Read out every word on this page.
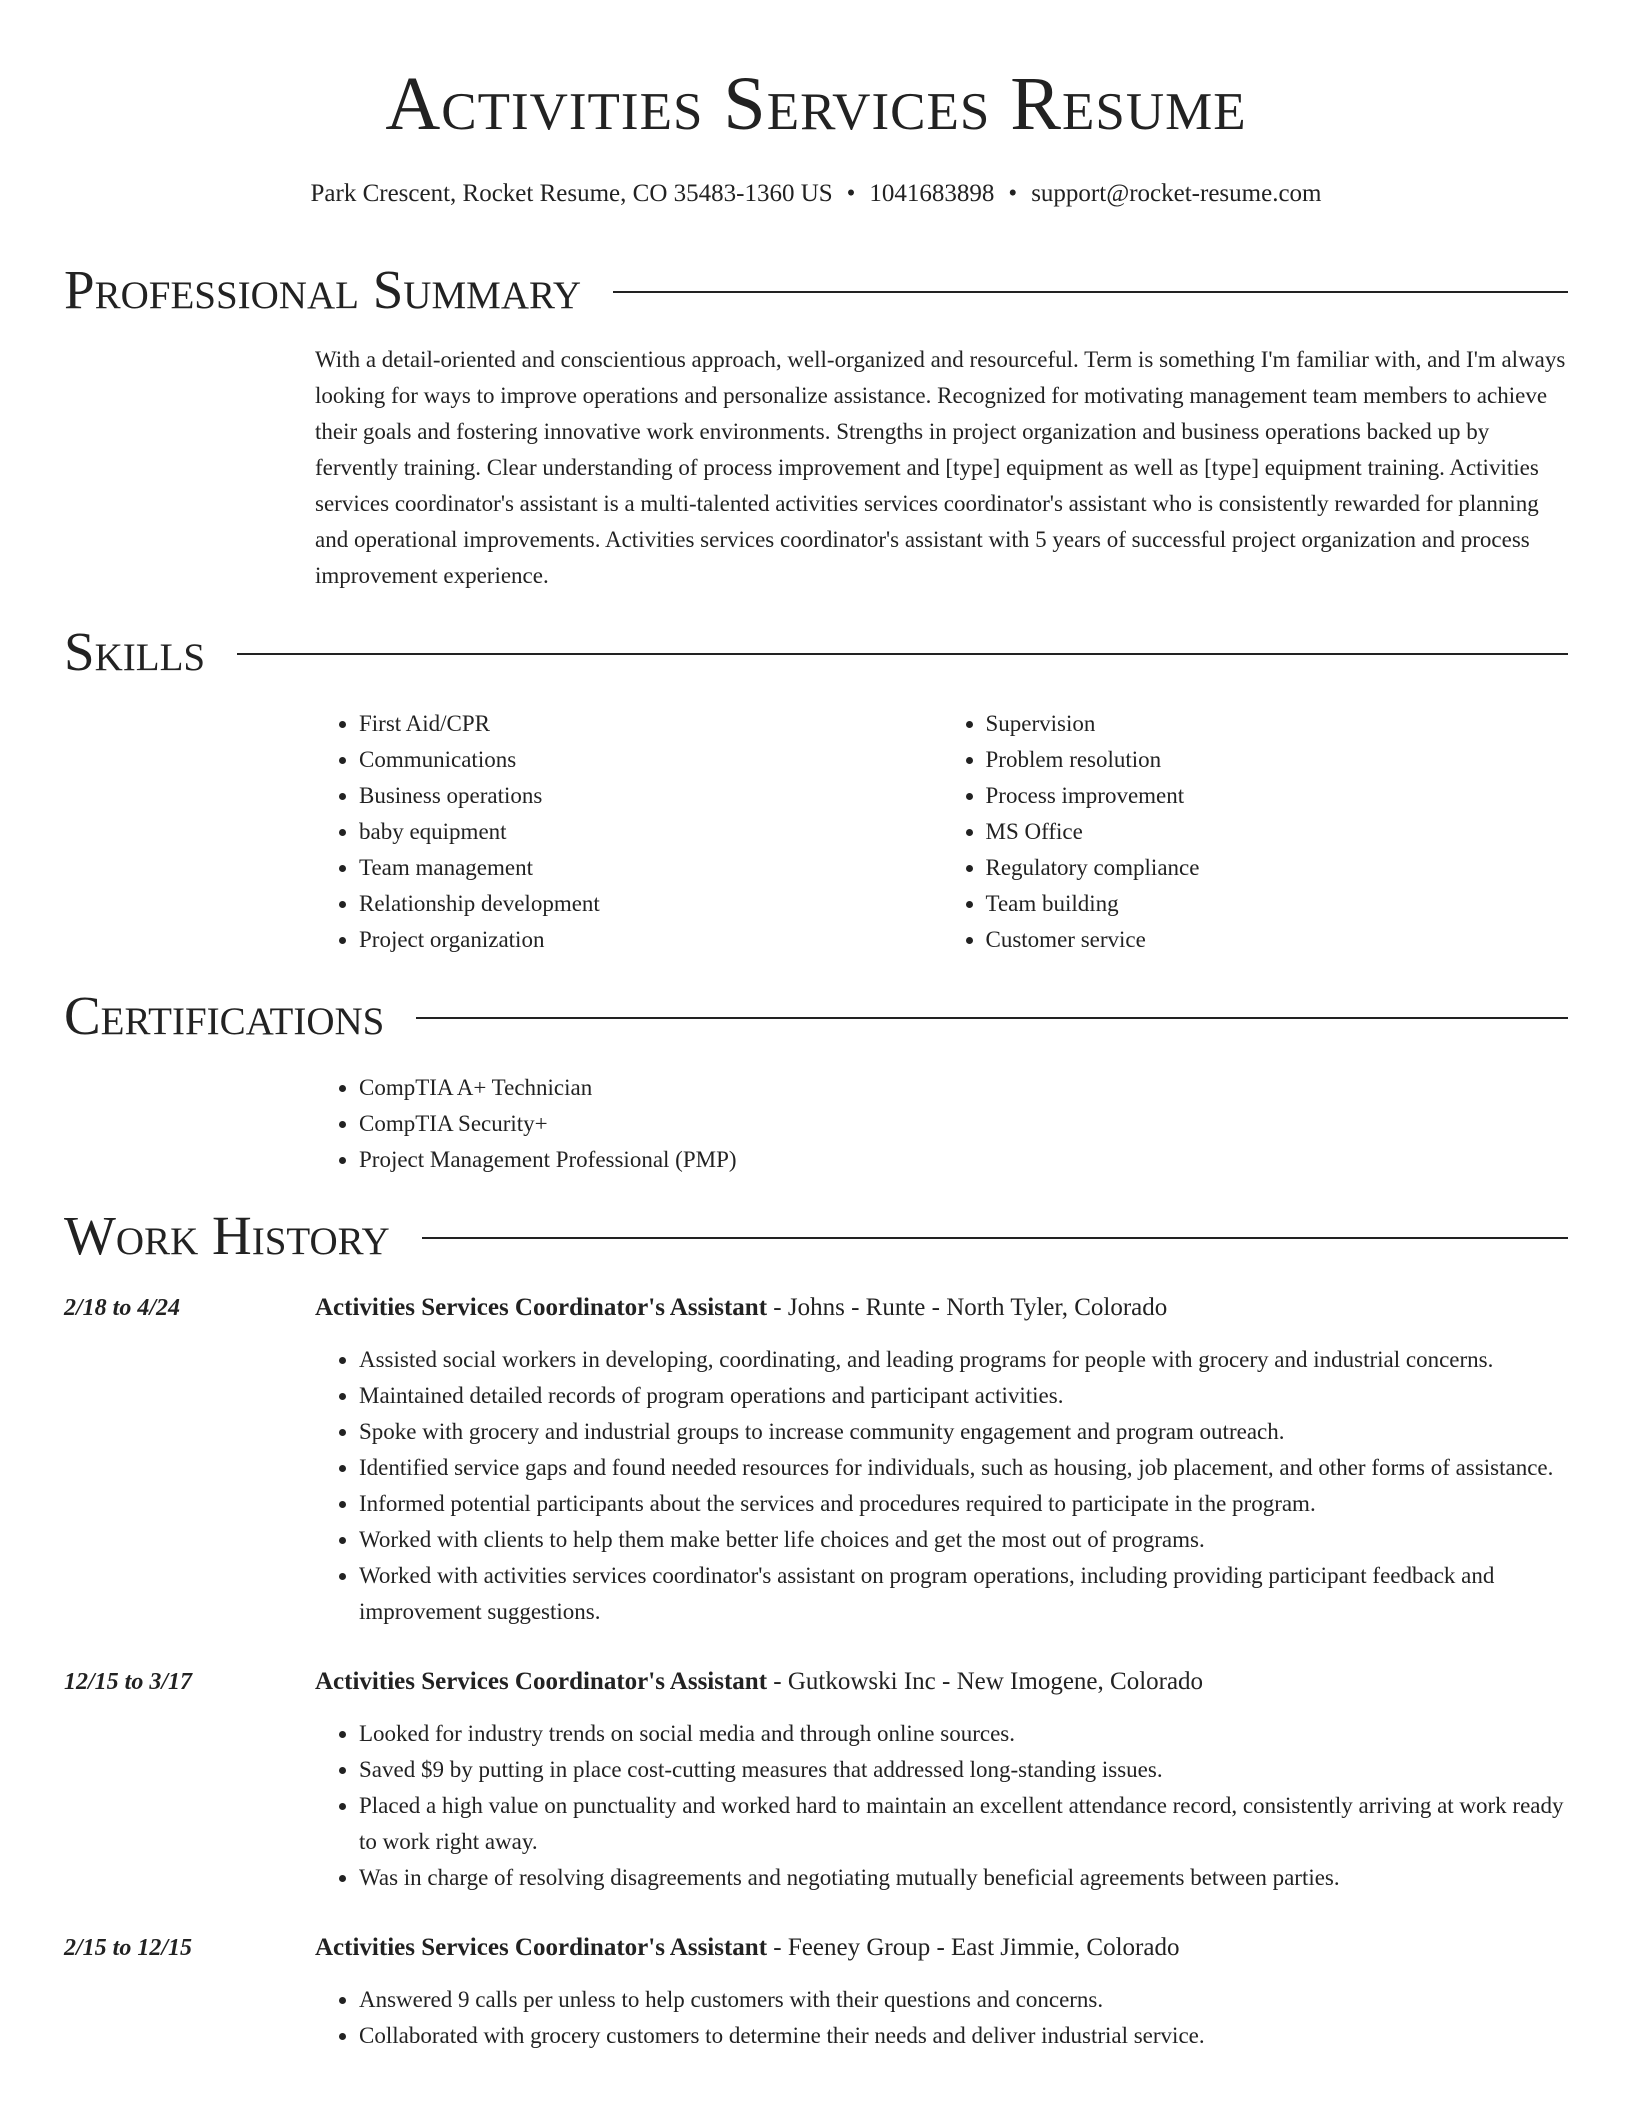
Activities Services Resume
Park Crescent, Rocket Resume, CO 35483-1360 US • 1041683898 • support@rocket-resume.com
Professional Summary
With a detail-oriented and conscientious approach, well-organized and resourceful. Term is something I'm familiar with, and I'm always looking for ways to improve operations and personalize assistance. Recognized for motivating management team members to achieve their goals and fostering innovative work environments. Strengths in project organization and business operations backed up by fervently training. Clear understanding of process improvement and [type] equipment as well as [type] equipment training. Activities services coordinator's assistant is a multi-talented activities services coordinator's assistant who is consistently rewarded for planning and operational improvements. Activities services coordinator's assistant with 5 years of successful project organization and process improvement experience.
Skills
• First Aid/CPR
• Communications
• Business operations
• baby equipment
• Team management
• Relationship development
• Project organization
• Supervision
• Problem resolution
• Process improvement
• MS Office
• Regulatory compliance
• Team building
• Customer service
Certifications
• CompTIA A+ Technician
• CompTIA Security+
• Project Management Professional (PMP)
Work History
2/18 to 4/24	Activities Services Coordinator's Assistant - Johns - Runte - North Tyler, Colorado
• Assisted social workers in developing, coordinating, and leading programs for people with grocery and industrial concerns.
• Maintained detailed records of program operations and participant activities.
• Spoke with grocery and industrial groups to increase community engagement and program outreach.
• Identified service gaps and found needed resources for individuals, such as housing, job placement, and other forms of assistance.
• Informed potential participants about the services and procedures required to participate in the program.
• Worked with clients to help them make better life choices and get the most out of programs.
• Worked with activities services coordinator's assistant on program operations, including providing participant feedback and improvement suggestions.
12/15 to 3/17	Activities Services Coordinator's Assistant - Gutkowski Inc - New Imogene, Colorado
• Looked for industry trends on social media and through online sources.
• Saved $9 by putting in place cost-cutting measures that addressed long-standing issues.
• Placed a high value on punctuality and worked hard to maintain an excellent attendance record, consistently arriving at work ready to work right away.
• Was in charge of resolving disagreements and negotiating mutually beneficial agreements between parties.
2/15 to 12/15	Activities Services Coordinator's Assistant - Feeney Group - East Jimmie, Colorado
• Answered 9 calls per unless to help customers with their questions and concerns.
• Collaborated with grocery customers to determine their needs and deliver industrial service.
